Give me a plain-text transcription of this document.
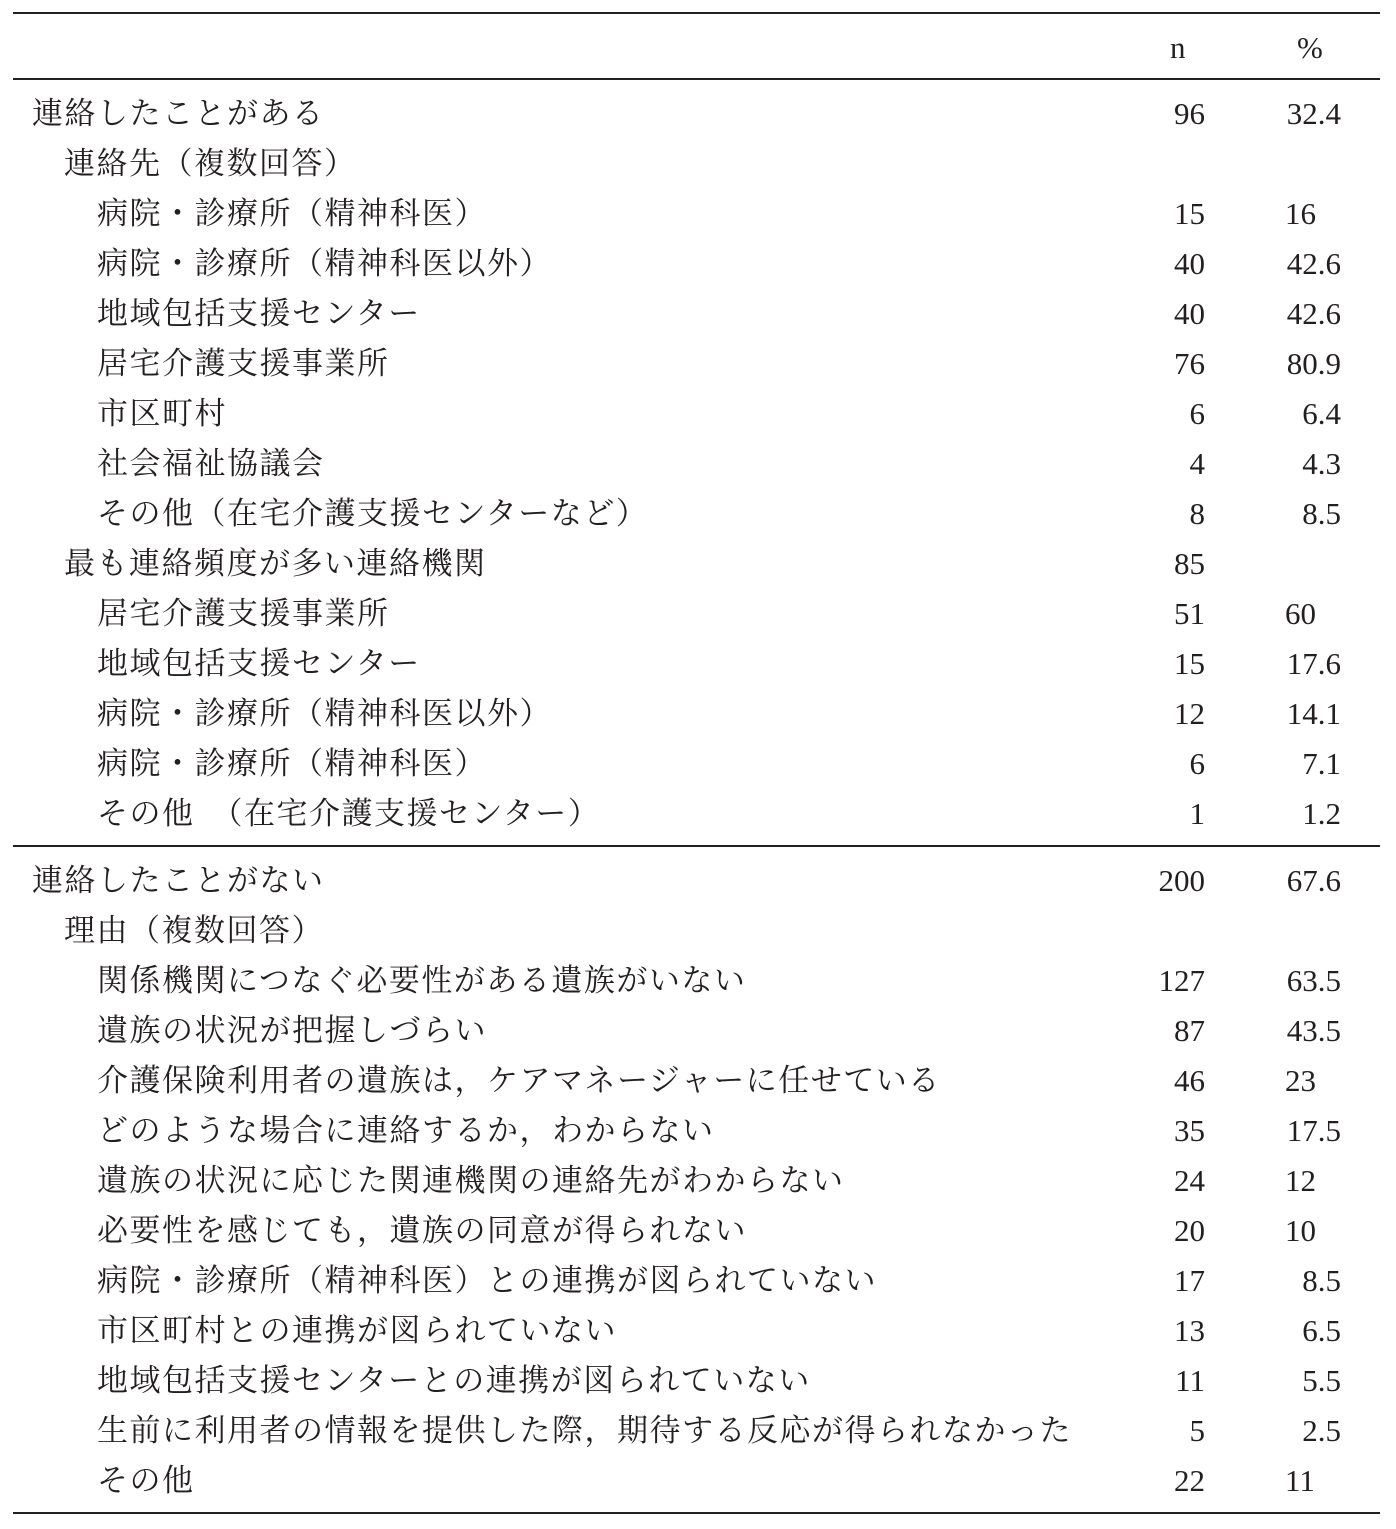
n	%
連絡したことがある	96	32.4
連絡先（複数回答）
病院・診療所（精神科医）	15	16
病院・診療所（精神科医以外）	40	42.6
地域包括支援センター	40	42.6
居宅介護支援事業所	76	80.9
市区町村	6	6.4
社会福祉協議会	4	4.3
その他（在宅介護支援センターなど）	8	8.5
最も連絡頻度が多い連絡機関	85
居宅介護支援事業所	51	60
地域包括支援センター	15	17.6
病院・診療所（精神科医以外）	12	14.1
病院・診療所（精神科医）	6	7.1
その他　（在宅介護支援センター）	1	1.2
連絡したことがない	200	67.6
理由（複数回答）
関係機関につなぐ必要性がある遺族がいない	127	63.5
遺族の状況が把握しづらい	87	43.5
介護保険利用者の遺族は，ケアマネージャーに任せている	46	23
どのような場合に連絡するか，わからない	35	17.5
遺族の状況に応じた関連機関の連絡先がわからない	24	12
必要性を感じても，遺族の同意が得られない	20	10
病院・診療所（精神科医）との連携が図られていない	17	8.5
市区町村との連携が図られていない	13	6.5
地域包括支援センターとの連携が図られていない	11	5.5
生前に利用者の情報を提供した際，期待する反応が得られなかった	5	2.5
その他	22	11
